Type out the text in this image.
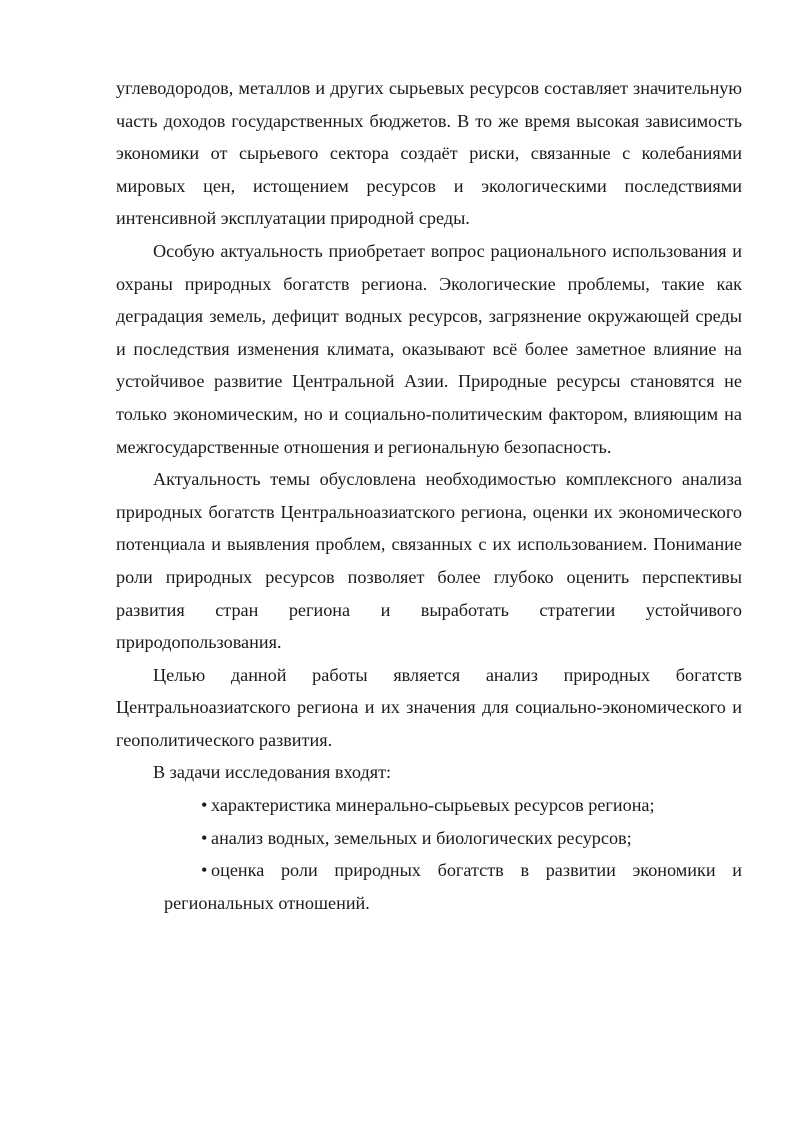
углеводородов, металлов и других сырьевых ресурсов составляет значительную часть доходов государственных бюджетов. В то же время высокая зависимость экономики от сырьевого сектора создаёт риски, связанные с колебаниями мировых цен, истощением ресурсов и экологическими последствиями интенсивной эксплуатации природной среды.

Особую актуальность приобретает вопрос рационального использования и охраны природных богатств региона. Экологические проблемы, такие как деградация земель, дефицит водных ресурсов, загрязнение окружающей среды и последствия изменения климата, оказывают всё более заметное влияние на устойчивое развитие Центральной Азии. Природные ресурсы становятся не только экономическим, но и социально-политическим фактором, влияющим на межгосударственные отношения и региональную безопасность.

Актуальность темы обусловлена необходимостью комплексного анализа природных богатств Центральноазиатского региона, оценки их экономического потенциала и выявления проблем, связанных с их использованием. Понимание роли природных ресурсов позволяет более глубоко оценить перспективы развития стран региона и выработать стратегии устойчивого природопользования.

Целью данной работы является анализ природных богатств Центральноазиатского региона и их значения для социально-экономического и геополитического развития.

В задачи исследования входят:

• характеристика минерально-сырьевых ресурсов региона;
• анализ водных, земельных и биологических ресурсов;
• оценка роли природных богатств в развитии экономики и региональных отношений.
